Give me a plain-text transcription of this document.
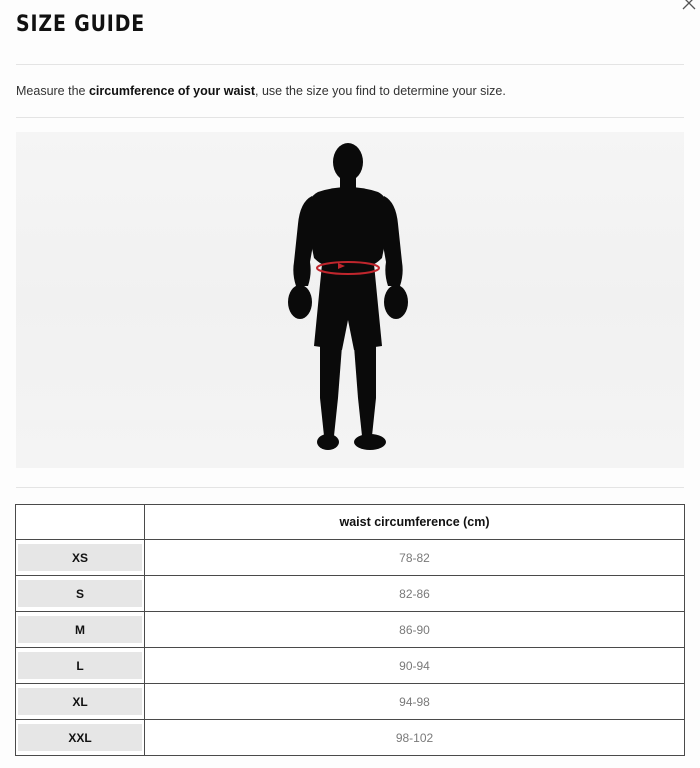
SIZE GUIDE
Measure the circumference of your waist, use the size you find to determine your size.
	waist circumference (cm)

XS	78-82

S	82-86

M	86-90

L	90-94

XL	94-98

XXL	98-102
